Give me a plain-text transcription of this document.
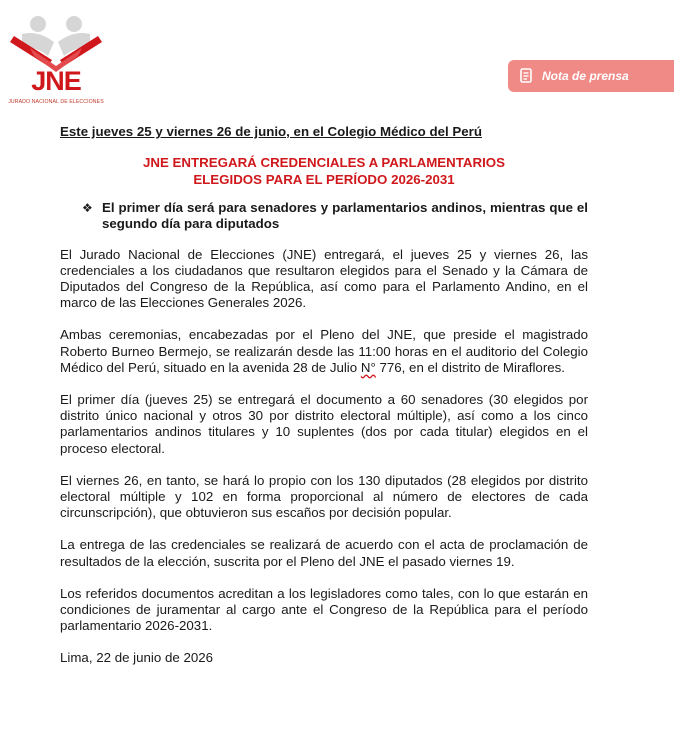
JNE
JURADO NACIONAL DE ELECCIONES
Nota de prensa
Este jueves 25 y viernes 26 de junio, en el Colegio Médico del Perú
JNE ENTREGARÁ CREDENCIALES A PARLAMENTARIOS
ELEGIDOS PARA EL PERÍODO 2026-2031
❖ El primer día será para senadores y parlamentarios andinos, mientras que el segundo día para diputados

El Jurado Nacional de Elecciones (JNE) entregará, el jueves 25 y viernes 26, las credenciales a los ciudadanos que resultaron elegidos para el Senado y la Cámara de Diputados del Congreso de la República, así como para el Parlamento Andino, en el marco de las Elecciones Generales 2026.

Ambas ceremonias, encabezadas por el Pleno del JNE, que preside el magistrado Roberto Burneo Bermejo, se realizarán desde las 11:00 horas en el auditorio del Colegio Médico del Perú, situado en la avenida 28 de Julio N° 776, en el distrito de Miraflores.

El primer día (jueves 25) se entregará el documento a 60 senadores (30 elegidos por distrito único nacional y otros 30 por distrito electoral múltiple), así como a los cinco parlamentarios andinos titulares y 10 suplentes (dos por cada titular) elegidos en el proceso electoral.

El viernes 26, en tanto, se hará lo propio con los 130 diputados (28 elegidos por distrito electoral múltiple y 102 en forma proporcional al número de electores de cada circunscripción), que obtuvieron sus escaños por decisión popular.

La entrega de las credenciales se realizará de acuerdo con el acta de proclamación de resultados de la elección, suscrita por el Pleno del JNE el pasado viernes 19.

Los referidos documentos acreditan a los legisladores como tales, con lo que estarán en condiciones de juramentar al cargo ante el Congreso de la República para el período parlamentario 2026-2031.

Lima, 22 de junio de 2026
